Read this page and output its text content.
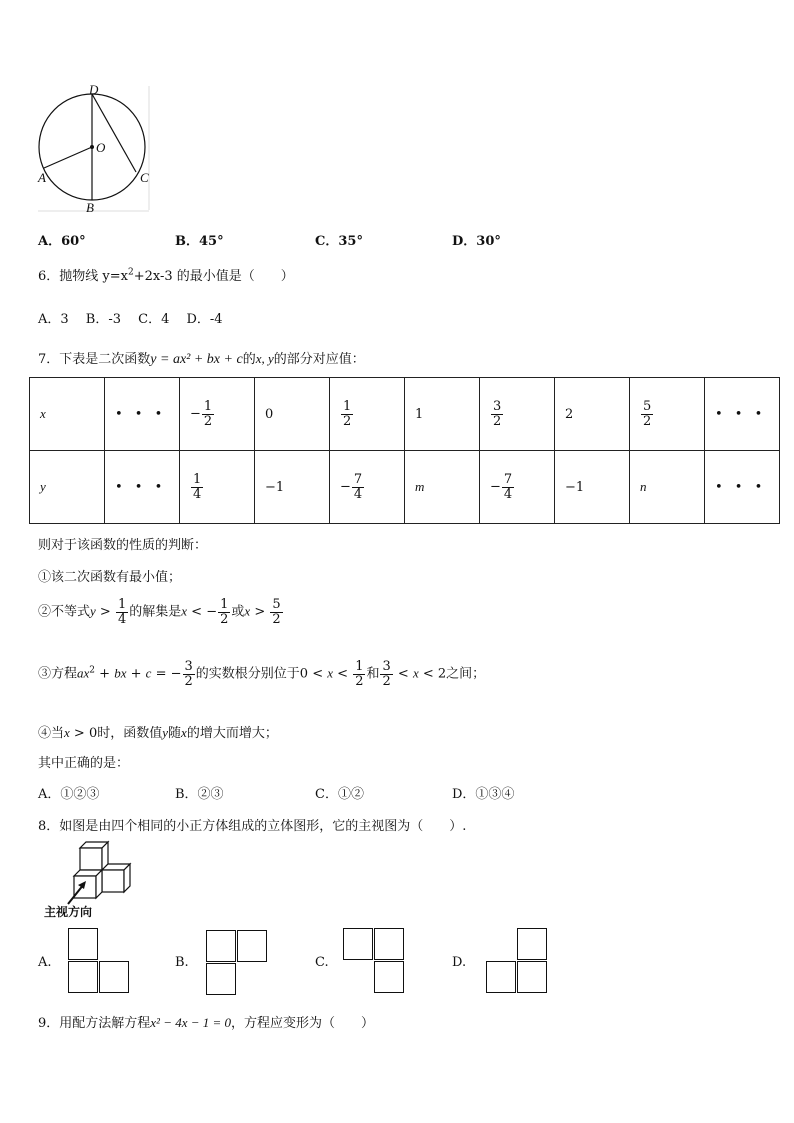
D
O
A	C
B
A．60°	B．45°	C．35°	D．30°
6．抛物线 $y=x^2+2x-3$ 的最小值是（　　）
A．3　 B．-3　 C．4　 D．-4
7．下表是二次函数y = ax² + bx + c的x, y的部分对应值：
x	• • •	− $\frac{1}{2}$	0	$\frac{1}{2}$	1	$\frac{3}{2}$	2	$\frac{5}{2}$	• • •
y	• • •	$\frac{1}{4}$	−1	− $\frac{7}{4}$	m	− $\frac{7}{4}$	−1	n	• • •
则对于该函数的性质的判断：
①该二次函数有最小值；
②不等式$y > \frac{1}{4}$ 的解集是x < − $\frac{1}{2}$ 或$x > \frac{5}{2}$
③方程$ax^2$ + bx + c = − $\frac{3}{2}$ 的实数根分别位于$0 < x < \frac{1}{2}$ 和 $\frac{3}{2} < x < 2$之间；
④当x > 0时，函数值y随x的增大而增大；
其中正确的是：
A．①②③	B．②③	C．①②	D．①③④
8．如图是由四个相同的小正方体组成的立体图形，它的主视图为（　　）.
主视方向
A.	B.	C.	D.
9．用配方法解方程x² − 4x − 1 = 0，方程应变形为（　　）
